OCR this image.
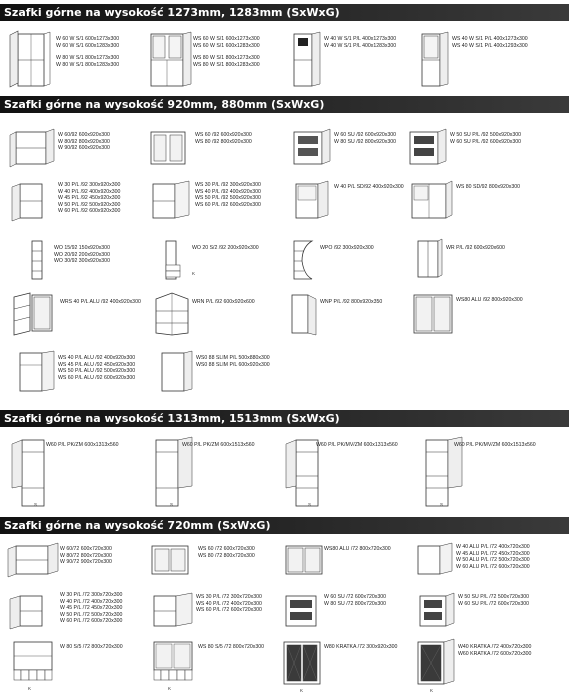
Szafki górne na wysokość 1273mm, 1283mm (SxWxG)
W 60 W S/1 600x1273x300
W 60 W S/1 600x1283x300
W 80 W S/1 800x1273x300
W 80 W S/1 800x1283x300
WS 60 W S/1 600x1273x300
WS 60 W S/1 600x1283x300
WS 80 W S/1 800x1273x300
WS 80 W S/1 800x1283x300
W 40 W S/1 P/L 400x1273x300
W 40 W S/1 P/L 400x1283x300
WS 40 W S/1 P/L 400x1273x300
WS 40 W S/1 P/L 400x1293x300
Szafki górne na wysokość 920mm, 880mm (SxWxG)
W 60/92 600x920x300
W 80/92 800x920x300
W 90/92 600x920x300
WS 60 /92 600x920x300
WS 80 /92 800x920x300
W 60 SU /92 600x920x300
W 80 SU /92 800x920x300
W 50 SU P/L /92 500x920x300
W 60 SU P/L /92 600x920x300
W 30 P/L /92 300x920x300
W 40 P/L /92 400x920x300
W 45 P/L /92 450x920x300
W 50 P/L /92 500x920x300
W 60 P/L /92 600x920x300
WS 30 P/L /92 300x920x300
WS 40 P/L /92 400x920x300
WS 50 P/L /92 500x920x300
WS 60 P/L /92 600x920x300
W 40 P/L SD/92 400x920x300	WS 80 SD/92 800x920x300
WO 15/92 150x920x300
WO 20/92 200x920x300
WO 30/92 300x920x300
K
WO 20 S/2 /92 200x920x300	WPO /92 300x920x300	WR P/L /92 600x920x600
WRS 40 P/L ALU /92 400x920x300	WRN P/L /92 600x920x600	WNP P/L /92 800x920x350	WS80 ALU /92 800x920x300
WS 40 P/L ALU /92 400x920x300
WS 45 P/L ALU /92 450x920x300
WS 50 P/L ALU /92 500x920x300
WS 60 P/L ALU /92 600x920x300
WS0 88 SLIM P/L 500x880x300
WS0 88 SLIM P/L 600x920x300
Szafki górne na wysokość 1313mm, 1513mm (SxWxG)
S
W60 P/L PK/ZM 600x1313x560
S
W60 P/L PK/ZM 600x1513x560
S
W60 P/L PK/MV/ZM 600x1313x560
S
W60 P/L PK/MV/ZM 600x1513x560
Szafki górne na wysokość 720mm (SxWxG)
W 60/72 600x720x300
W 80/72 800x720x300
W 90/72 900x720x300
WS 60 /72 600x720x300
WS 80 /72 800x720x300
WS80 ALU /72 800x720x300	W 40 ALU P/L /72 400x720x300
W 45 ALU P/L /72 450x720x300
W 50 ALU P/L /72 500x720x300
W 60 ALU P/L /72 600x720x300
W 30 P/L /72 300x720x300
W 40 P/L /72 400x720x300
W 45 P/L /72 450x720x300
W 50 P/L /72 500x720x300
W 60 P/L /72 600x720x300
WS 30 P/L /72 300x720x300
WS 40 P/L /72 400x720x300
WS 60 P/L /72 600x720x300
W 60 SU /72 600x720x300
W 80 SU /72 800x720x300
W 50 SU P/L /72 500x720x300
W 60 SU P/L /72 600x720x300
K
W 80 S/5 /72 800x720x300
K
WS 80 S/5 /72 800x720x300
K
W80 KRATKA /72 300x920x300
K
W40 KRATKA /72 400x720x300
W60 KRATKA /72 600x720x300
